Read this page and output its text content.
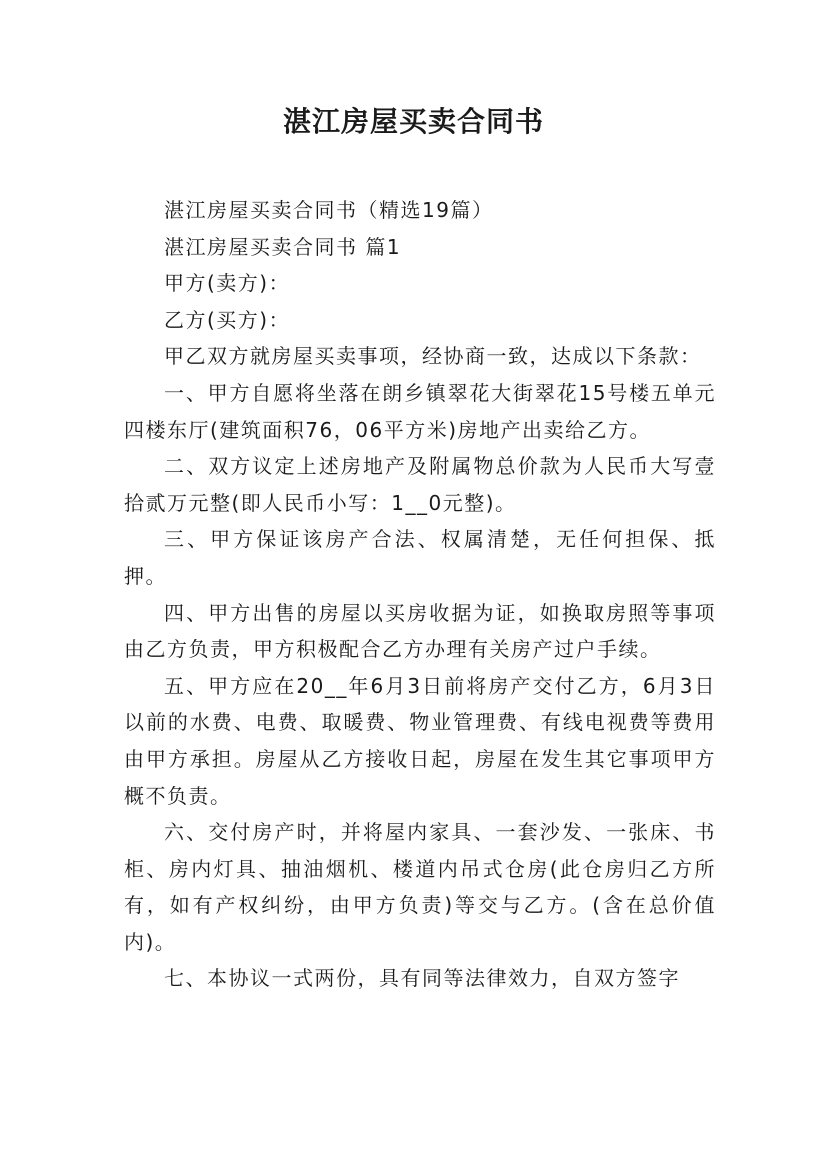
湛江房屋买卖合同书

湛江房屋买卖合同书（精选19篇）

湛江房屋买卖合同书 篇1

甲方(卖方)：

乙方(买方)：

甲乙双方就房屋买卖事项，经协商一致，达成以下条款：

一、甲方自愿将坐落在朗乡镇翠花大街翠花15号楼五单元四楼东厅(建筑面积76，06平方米)房地产出卖给乙方。

二、双方议定上述房地产及附属物总价款为人民币大写壹拾贰万元整(即人民币小写：1__0元整)。

三、甲方保证该房产合法、权属清楚，无任何担保、抵押。

四、甲方出售的房屋以买房收据为证，如换取房照等事项由乙方负责，甲方积极配合乙方办理有关房产过户手续。

五、甲方应在20__年6月3日前将房产交付乙方，6月3日以前的水费、电费、取暖费、物业管理费、有线电视费等费用由甲方承担。房屋从乙方接收日起，房屋在发生其它事项甲方概不负责。

六、交付房产时，并将屋内家具、一套沙发、一张床、书柜、房内灯具、抽油烟机、楼道内吊式仓房(此仓房归乙方所有，如有产权纠纷，由甲方负责)等交与乙方。(含在总价值内)。

七、本协议一式两份，具有同等法律效力，自双方签字
